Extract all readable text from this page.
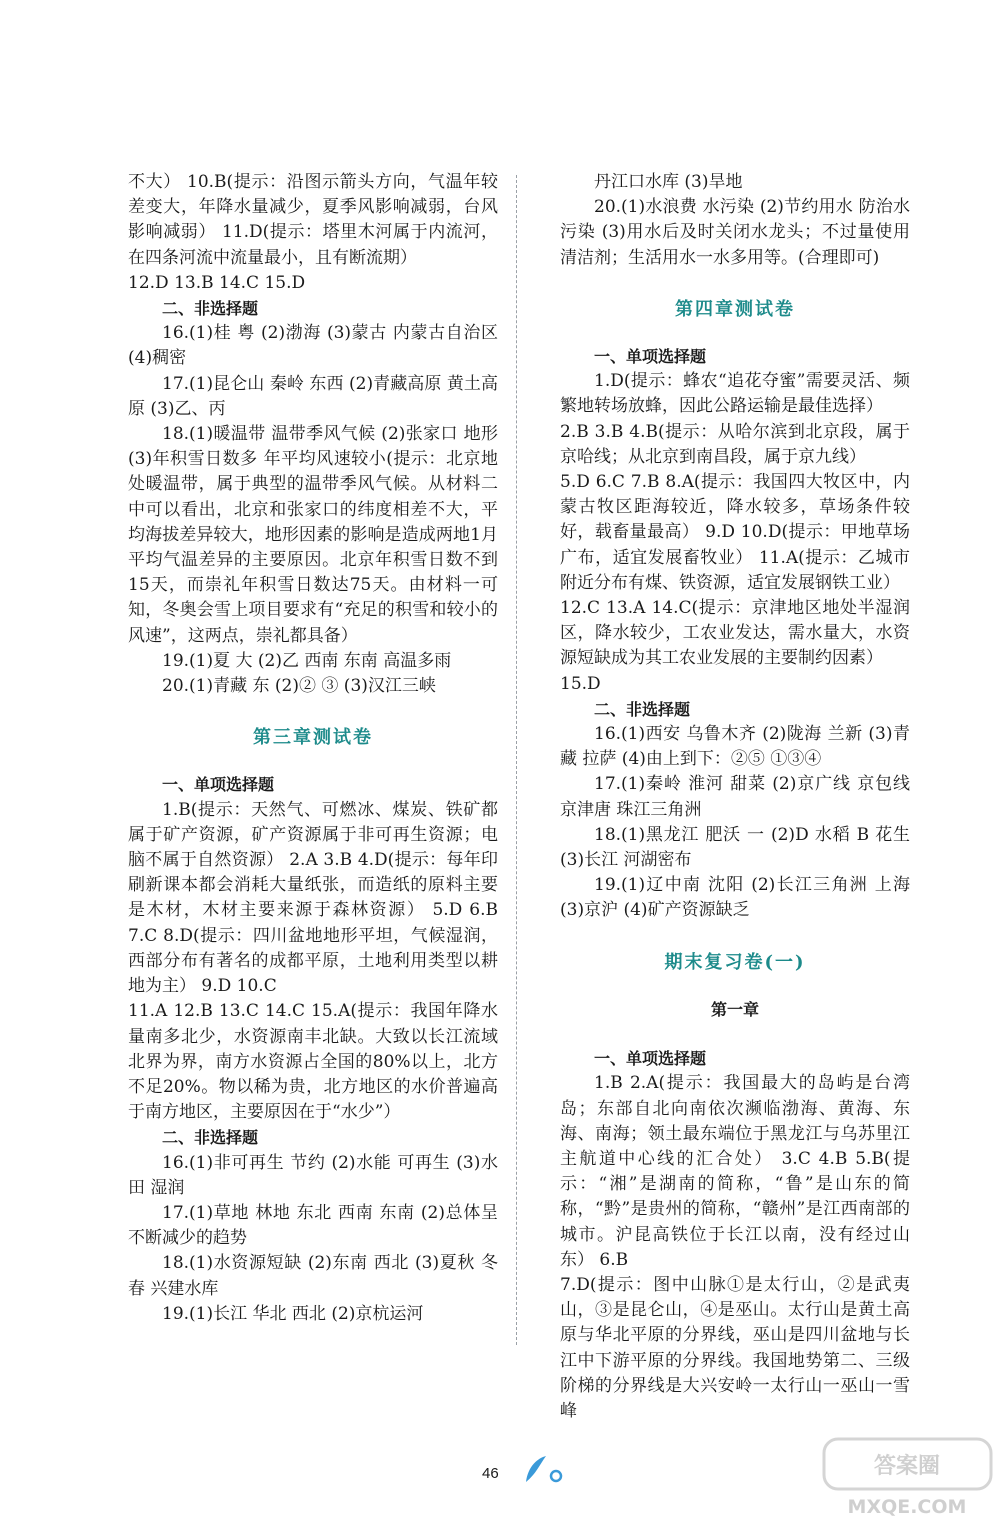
不大） 10.B(提示：沿图示箭头方向，气温年较差变大，年降水量减少，夏季风影响减弱，台风影响减弱） 11.D(提示：塔里木河属于内流河，在四条河流中流量最小，且有断流期）
12.D 13.B 14.C 15.D
二、非选择题
16.(1)桂 粤 (2)渤海 (3)蒙古 内蒙古自治区 (4)稠密
17.(1)昆仑山 秦岭 东西 (2)青藏高原 黄土高原 (3)乙、丙
18.(1)暖温带 温带季风气候 (2)张家口 地形 (3)年积雪日数多 年平均风速较小(提示：北京地处暖温带，属于典型的温带季风气候。从材料二中可以看出，北京和张家口的纬度相差不大，平均海拔差异较大，地形因素的影响是造成两地1月平均气温差异的主要原因。北京年积雪日数不到15天，而崇礼年积雪日数达75天。由材料一可知，冬奥会雪上项目要求有“充足的积雪和较小的风速”，这两点，崇礼都具备）
19.(1)夏 大 (2)乙 西南 东南 高温多雨
20.(1)青藏 东 (2)② ③ (3)汉江三峡
第三章测试卷
一、单项选择题
1.B(提示：天然气、可燃冰、煤炭、铁矿都属于矿产资源，矿产资源属于非可再生资源；电脑不属于自然资源） 2.A 3.B 4.D(提示：每年印刷新课本都会消耗大量纸张，而造纸的原料主要是木材，木材主要来源于森林资源） 5.D 6.B 7.C 8.D(提示：四川盆地地形平坦，气候湿润，西部分布有著名的成都平原，土地利用类型以耕地为主） 9.D 10.C
11.A 12.B 13.C 14.C 15.A(提示：我国年降水量南多北少，水资源南丰北缺。大致以长江流域北界为界，南方水资源占全国的80%以上，北方不足20%。物以稀为贵，北方地区的水价普遍高于南方地区，主要原因在于“水少”）
二、非选择题
16.(1)非可再生 节约 (2)水能 可再生 (3)水田 湿润
17.(1)草地 林地 东北 西南 东南 (2)总体呈不断减少的趋势
18.(1)水资源短缺 (2)东南 西北 (3)夏秋 冬春 兴建水库
19.(1)长江 华北 西北 (2)京杭运河
丹江口水库 (3)旱地
20.(1)水浪费 水污染 (2)节约用水 防治水污染 (3)用水后及时关闭水龙头；不过量使用清洁剂；生活用水一水多用等。(合理即可)
第四章测试卷
一、单项选择题
1.D(提示：蜂农“追花夺蜜”需要灵活、频繁地转场放蜂，因此公路运输是最佳选择）
2.B 3.B 4.B(提示：从哈尔滨到北京段，属于京哈线；从北京到南昌段，属于京九线）
5.D 6.C 7.B 8.A(提示：我国四大牧区中，内蒙古牧区距海较近，降水较多，草场条件较好，载畜量最高） 9.D 10.D(提示：甲地草场广布，适宜发展畜牧业） 11.A(提示：乙城市附近分布有煤、铁资源，适宜发展钢铁工业）
12.C 13.A 14.C(提示：京津地区地处半湿润区，降水较少，工农业发达，需水量大，水资源短缺成为其工农业发展的主要制约因素）
15.D
二、非选择题
16.(1)西安 乌鲁木齐 (2)陇海 兰新 (3)青藏 拉萨 (4)由上到下：②⑤ ①③④
17.(1)秦岭 淮河 甜菜 (2)京广线 京包线 京津唐 珠江三角洲
18.(1)黑龙江 肥沃 一 (2)D 水稻 B 花生 (3)长江 河湖密布
19.(1)辽中南 沈阳 (2)长江三角洲 上海 (3)京沪 (4)矿产资源缺乏
期末复习卷(一)
第一章
一、单项选择题
1.B 2.A(提示：我国最大的岛屿是台湾岛；东部自北向南依次濒临渤海、黄海、东海、南海；领土最东端位于黑龙江与乌苏里江主航道中心线的汇合处） 3.C 4.B 5.B(提示：“湘”是湖南的简称，“鲁”是山东的简称，“黔”是贵州的简称，“赣州”是江西南部的城市。沪昆高铁位于长江以南，没有经过山东） 6.B
7.D(提示：图中山脉①是太行山，②是武夷山，③是昆仑山，④是巫山。太行山是黄土高原与华北平原的分界线，巫山是四川盆地与长江中下游平原的分界线。我国地势第二、三级阶梯的分界线是大兴安岭一太行山一巫山一雪峰
46	答案圈
MXQE.COM
